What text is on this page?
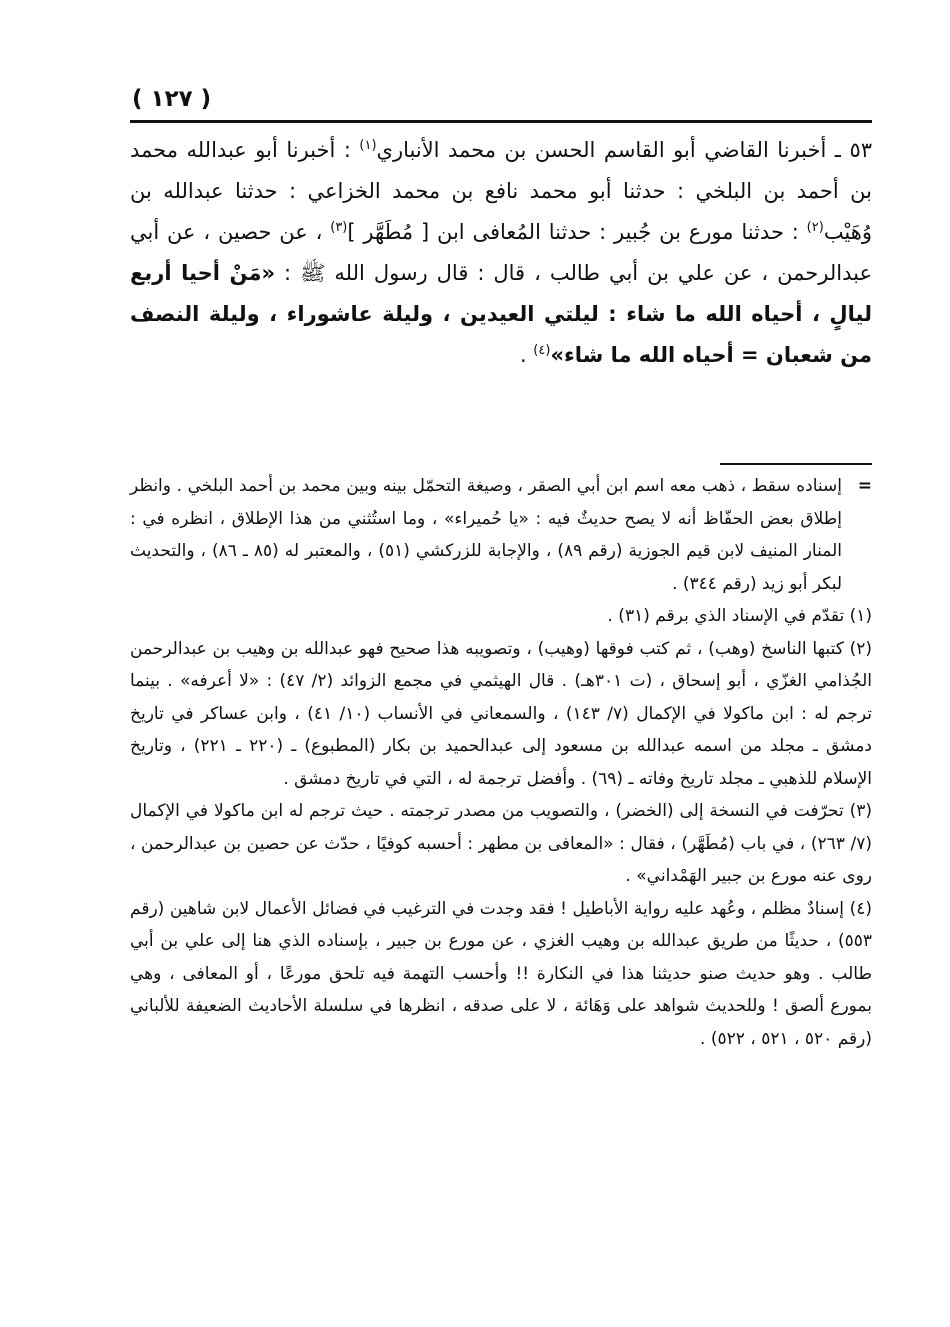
( ١٢٧ )

٥٣ ـ أخبرنا القاضي أبو القاسم الحسن بن محمد الأنباري$^{(١)}$ : أخبرنا أبو عبدالله محمد بن أحمد بن البلخي : حدثنا أبو محمد نافع بن محمد الخزاعي : حدثنا عبدالله بن وُهَيْب$^{(٢)}$ : حدثنا مورع بن جُبير : حدثنا المُعافى ابن [ مُطَهَّر ]$^{(٣)}$ ، عن حصين ، عن أبي عبدالرحمن ، عن علي بن أبي طالب ، قال : قال رسول الله ﷺ : «مَنْ أحيا أربع ليالٍ ، أحياه الله ما شاء : ليلتي العيدين ، وليلة عاشوراء ، وليلة النصف من شعبان = أحياه الله ما شاء»$^{(٤)}$ .

=
إسناده سقط ، ذهب معه اسم ابن أبي الصقر ، وصيغة التحمّل بينه وبين محمد بن أحمد البلخي . وانظر إطلاق بعض الحفّاظ أنه لا يصح حديثٌ فيه : «يا حُميراء» ، وما استُثني من هذا الإطلاق ، انظره في : المنار المنيف لابن قيم الجوزية (رقم ٨٩) ، والإجابة للزركشي (٥١) ، والمعتبر له (٨٥ ـ ٨٦) ، والتحديث لبكر أبو زيد (رقم ٣٤٤) .

(١) تقدّم في الإسناد الذي برقم (٣١) .

(٢) كتبها الناسخ (وهب) ، ثم كتب فوقها (وهيب) ، وتصويبه هذا صحيح فهو عبدالله بن وهيب بن عبدالرحمن الجُذامي الغزّي ، أبو إسحاق ، (ت ٣٠١هـ) . قال الهيثمي في مجمع الزوائد (٢/ ٤٧) : «لا أعرفه» . بينما ترجم له : ابن ماكولا في الإكمال (٧/ ١٤٣) ، والسمعاني في الأنساب (١٠/ ٤١) ، وابن عساكر في تاريخ دمشق ـ مجلد من اسمه عبدالله بن مسعود إلى عبدالحميد بن بكار (المطبوع) ـ (٢٢٠ ـ ٢٢١) ، وتاريخ الإسلام للذهبي ـ مجلد تاريخ وفاته ـ (٦٩) . وأفضل ترجمة له ، التي في تاريخ دمشق .

(٣) تحرّفت في النسخة إلى (الخضر) ، والتصويب من مصدر ترجمته . حيث ترجم له ابن ماكولا في الإكمال (٧/ ٢٦٣) ، في باب (مُطَهَّر) ، فقال : «المعافى بن مطهر : أحسبه كوفيًا ، حدّث عن حصين بن عبدالرحمن ، روى عنه مورع بن جبير الهَمْداني» .

(٤) إسنادٌ مظلم ، وعُهد عليه رواية الأباطيل ! فقد وجدت في الترغيب في فضائل الأعمال لابن شاهين (رقم ٥٥٣) ، حديثًا من طريق عبدالله بن وهيب الغزي ، عن مورع بن جبير ، بإسناده الذي هنا إلى علي بن أبي طالب . وهو حديث صنو حديثنا هذا في النكارة !! وأحسب التهمة فيه تلحق مورعًا ، أو المعافى ، وهي بمورع ألصق ! وللحديث شواهد على وَهَائة ، لا على صدقه ، انظرها في سلسلة الأحاديث الضعيفة للألباني (رقم ٥٢٠ ، ٥٢١ ، ٥٢٢) .
